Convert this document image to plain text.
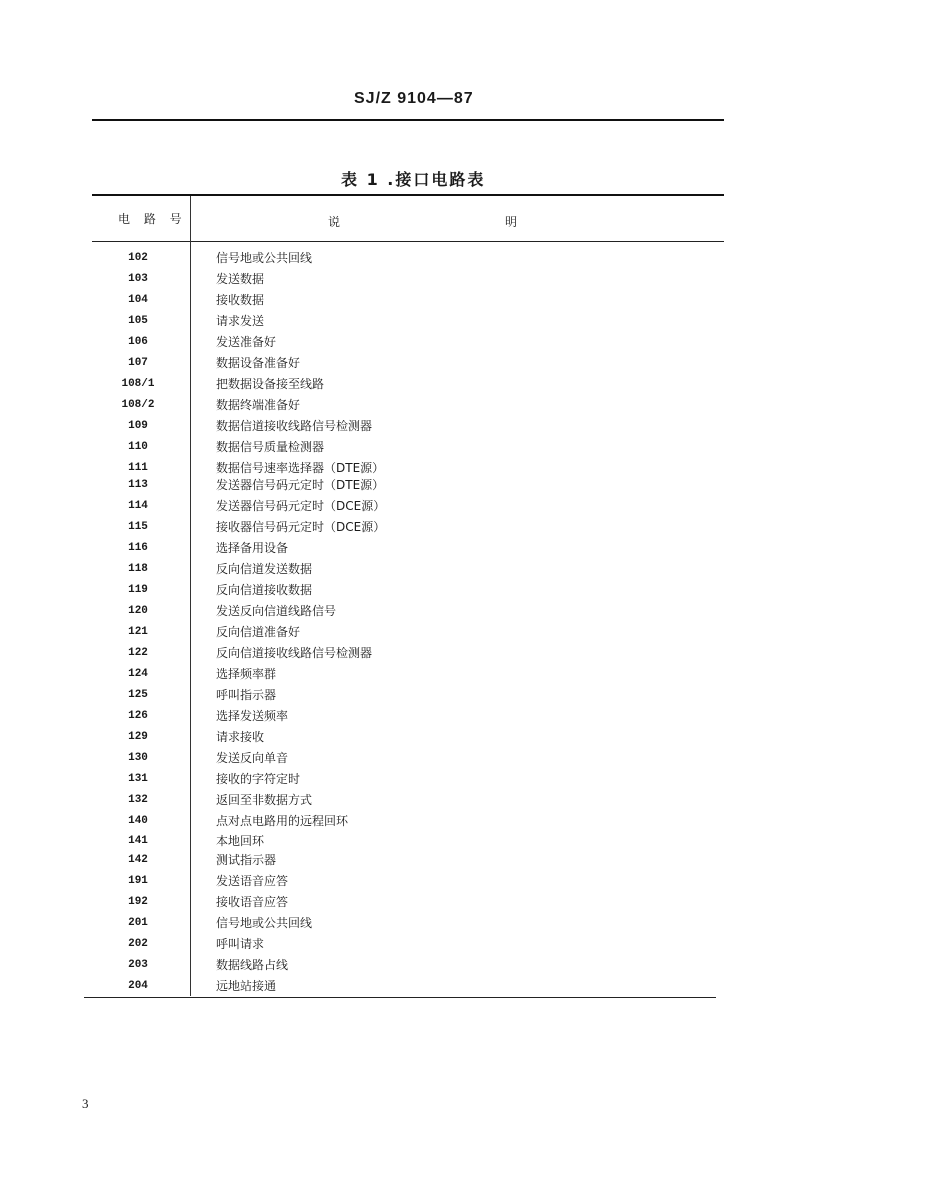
SJ/Z 9104—87
表 1 .接口电路表
电 路 号	说	明
102	信号地或公共回线
103	发送数据
104	接收数据
105	请求发送
106	发送准备好
107	数据设备准备好
108/1	把数据设备接至线路
108/2	数据终端准备好
109	数据信道接收线路信号检测器
110	数据信号质量检测器
111	数据信号速率选择器（DTE源）
113	发送器信号码元定时（DTE源）
114	发送器信号码元定时（DCE源）
115	接收器信号码元定时（DCE源）
116	选择备用设备
118	反向信道发送数据
119	反向信道接收数据
120	发送反向信道线路信号
121	反向信道准备好
122	反向信道接收线路信号检测器
124	选择频率群
125	呼叫指示器
126	选择发送频率
129	请求接收
130	发送反向单音
131	接收的字符定时
132	返回至非数据方式
140	点对点电路用的远程回环
141	本地回环
142	测试指示器
191	发送语音应答
192	接收语音应答
201	信号地或公共回线
202	呼叫请求
203	数据线路占线
204	远地站接通
3
